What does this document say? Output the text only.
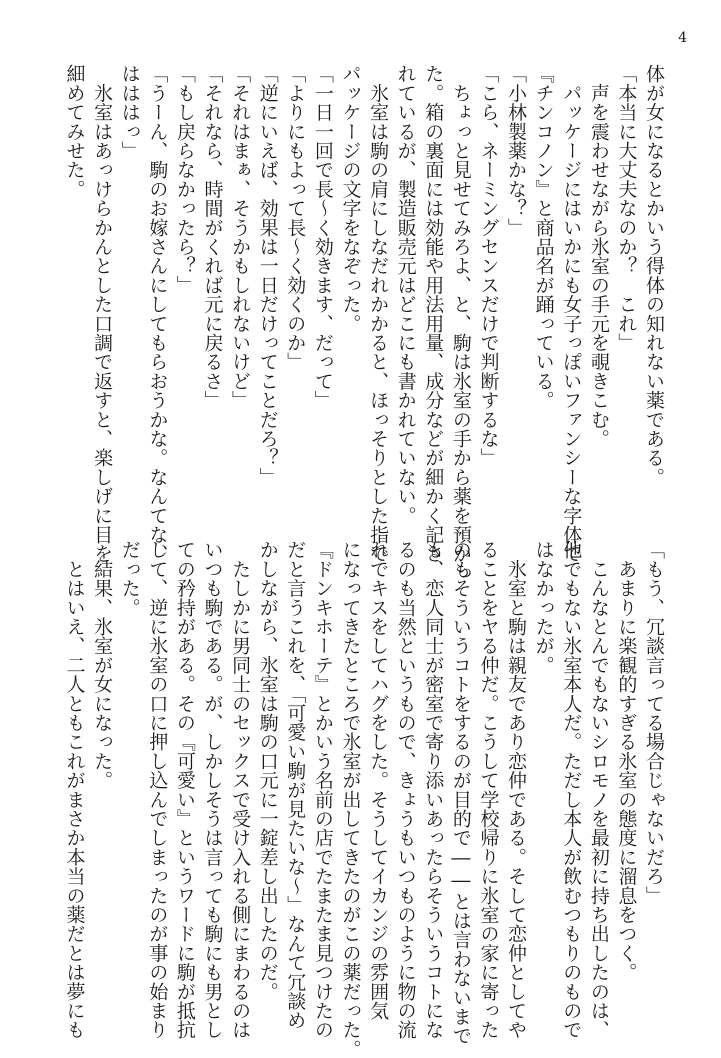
4
体が女になるとかいう得体の知れない薬である。
「本当に大丈夫なのか？　これ」
　声を震わせながら氷室の手元を覗きこむ。
　パッケージにはいかにも女子っぽいファンシーな字体で
『チンコノン』と商品名が踊っている。
「小林製薬かな？」
「こら、ネーミングセンスだけで判断するな」
　ちょっと見せてみろよ、と、駒は氷室の手から薬を預かっ
た。箱の裏面には効能や用法用量、成分などが細かく記さ
れているが、製造販売元はどこにも書かれていない。
　氷室は駒の肩にしなだれかかると、ほっそりとした指で
パッケージの文字をなぞった。
「一日一回で長〜く効きます、だって」
「よりにもよって長〜く効くのか」
「逆にいえば、効果は一日だけってことだろ？」
「それはまぁ、そうかもしれないけど」
「それなら、時間がくれば元に戻るさ」
「もし戻らなかったら？」
「うーん、駒のお嫁さんにしてもらおうかな。なんてな、
はははっ」
　氷室はあっけらかんとした口調で返すと、楽しげに目を
細めてみせた。
「もう、冗談言ってる場合じゃないだろ」
　あまりに楽観的すぎる氷室の態度に溜息をつく。
　こんなとんでもないシロモノを最初に持ち出したのは、
他でもない氷室本人だ。ただし本人が飲むつもりのもので
はなかったが。
　氷室と駒は親友であり恋仲である。そして恋仲としてや
ることをヤる仲だ。こうして学校帰りに氷室の家に寄った
のもそういうコトをするのが目的で――とは言わないまで
も、恋人同士が密室で寄り添いあったらそういうコトにな
るのも当然というもので、きょうもいつものように物の流
れでキスをしてハグをした。そうしてイカンジの雰囲気
になってきたところで氷室が出してきたのがこの薬だった。
『ドンキホーテ』とかいう名前の店でたまたま見つけたの
だと言うこれを、「可愛い駒が見たいな〜」なんて冗談め
かしながら、氷室は駒の口元に一錠差し出したのだ。
　たしかに男同士のセックスで受け入れる側にまわるのは
いつも駒である。が、しかしそうは言っても駒にも男とし
ての矜持がある。その『可愛い』というワードに駒が抵抗
して、逆に氷室の口に押し込んでしまったのが事の始まり
だった。
　結果、氷室が女になった。
　とはいえ、二人ともこれがまさか本当の薬だとは夢にも
